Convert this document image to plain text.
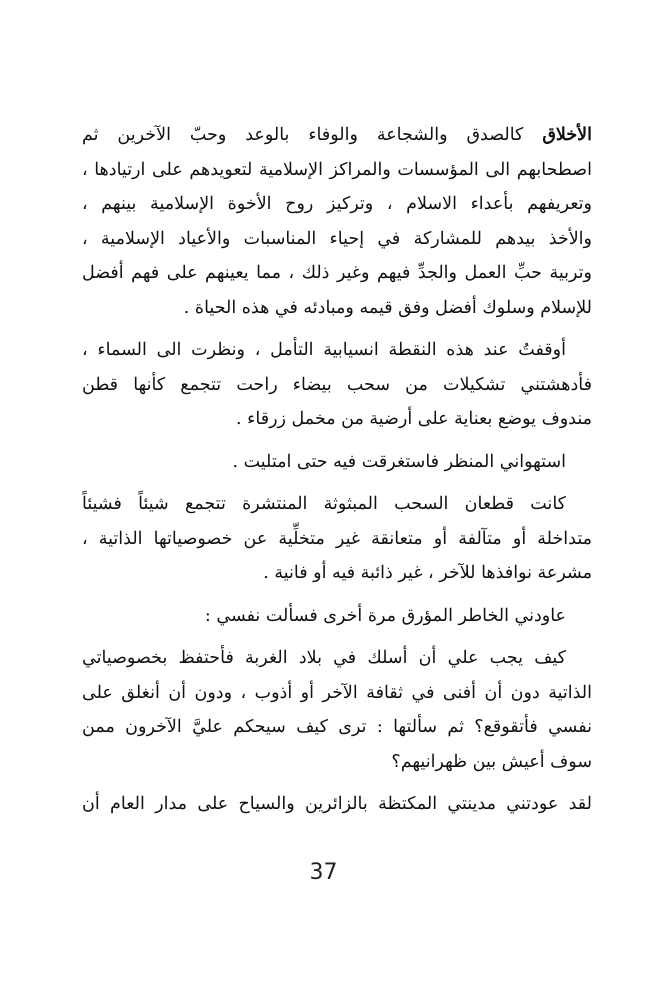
الأخلاق كالصدق والشجاعة والوفاء بالوعد وحبّ الآخرين ثم
اصطحابهم الى المؤسسات والمراكز الإسلامية لتعويدهم على ارتيادها ،
وتعريفهم بأعداء الاسلام ، وتركيز روح الأخوة الإسلامية بينهم ،
والأخذ بيدهم للمشاركة في إحياء المناسبات والأعياد الإسلامية ،
وتربية حبِّ العمل والجدِّ فيهم وغير ذلك ، مما يعينهم على فهم أفضل
للإسلام وسلوك أفضل وفق قيمه ومبادئه في هذه الحياة .
أوقفتُ عند هذه النقطة انسيابية التأمل ، ونظرت الى السماء ،
فأدهشتني تشكيلات من سحب بيضاء راحت تتجمع كأنها قطن
مندوف يوضع بعناية على أرضية من مخمل زرقاء .
استهواني المنظر فاستغرقت فيه حتى امتليت .
كانت قطعان السحب المبثوثة المنتشرة تتجمع شيئاً فشيئاً
متداخلة أو متآلفة أو متعانقة غير متخلِّية عن خصوصياتها الذاتية ،
مشرعة نوافذها للآخر ، غير ذائبة فيه أو فانية .
عاودني الخاطر المؤرق مرة أخرى فسألت نفسي :
كيف يجب علي أن أسلك في بلاد الغربة فأحتفظ بخصوصياتي
الذاتية دون أن أفنى في ثقافة الآخر أو أذوب ، ودون أن أنغلق على
نفسي فأتقوقع؟ ثم سألتها : ترى كيف سيحكم عليَّ الآخرون ممن
سوف أعيش بين ظهرانيهم؟
لقد عودتني مدينتي المكتظة بالزائرين والسياح على مدار العام أن
37
